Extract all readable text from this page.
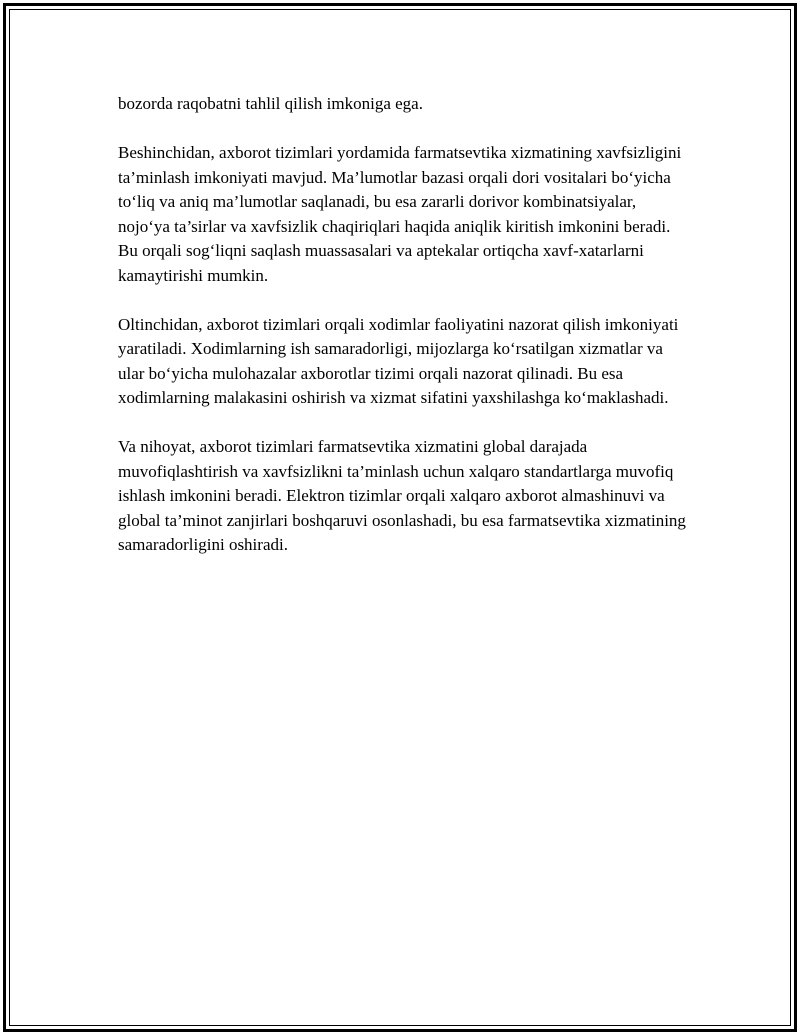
bozorda raqobatni tahlil qilish imkoniga ega.

Beshinchidan, axborot tizimlari yordamida farmatsevtika xizmatining xavfsizligini ta’minlash imkoniyati mavjud. Ma’lumotlar bazasi orqali dori vositalari bo‘yicha to‘liq va aniq ma’lumotlar saqlanadi, bu esa zararli dorivor kombinatsiyalar, nojo‘ya ta’sirlar va xavfsizlik chaqiriqlari haqida aniqlik kiritish imkonini beradi. Bu orqali sog‘liqni saqlash muassasalari va aptekalar ortiqcha xavf-xatarlarni kamaytirishi mumkin.

Oltinchidan, axborot tizimlari orqali xodimlar faoliyatini nazorat qilish imkoniyati yaratiladi. Xodimlarning ish samaradorligi, mijozlarga ko‘rsatilgan xizmatlar va ular bo‘yicha mulohazalar axborotlar tizimi orqali nazorat qilinadi. Bu esa xodimlarning malakasini oshirish va xizmat sifatini yaxshilashga ko‘maklashadi.

Va nihoyat, axborot tizimlari farmatsevtika xizmatini global darajada muvofiqlashtirish va xavfsizlikni ta’minlash uchun xalqaro standartlarga muvofiq ishlash imkonini beradi. Elektron tizimlar orqali xalqaro axborot almashinuvi va global ta’minot zanjirlari boshqaruvi osonlashadi, bu esa farmatsevtika xizmatining samaradorligini oshiradi.
